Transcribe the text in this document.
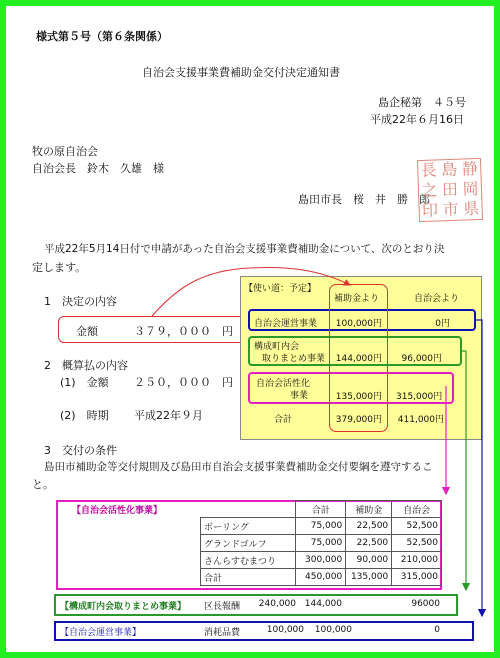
様式第５号（第６条関係）
自治会支援事業費補助金交付決定通知書
島企秘第　４５号
平成22年６月16日
牧の原自治会
自治会長　鈴木　久雄　様
島田市長　桜　井　勝　郎
長 島 静
之 田 岡
印 市 県
平成22年5月14日付で申請があった自治会支援事業費補助金について、次のとおり決
定します。
1　決定の内容
金額	３７９，０００　円
2　概算払の内容
(1)　金額 ２５０，０００　円
(2)　時期 平成22年９月
3　交付の条件
島田市補助金等交付規則及び島田市自治会支援事業費補助金交付要綱を遵守するこ
と。
【使い道：予定】
補助金より	自治会より
自治会運営事業	100,000円	0円
構成町内会
取りまとめ事業	144,000円	96,000円
自治会活性化
事業	135,000円 315,000円
合計	379,000円 411,000円
【自治会活性化事業】
		合計	補助金	自治会
ボーリング	75,000	22,500	52,500
グランドゴルフ	75,000	22,500	52,500
さんらすむまつり	300,000	90,000	210,000
合計	450,000	135,000	315,000
【構成町内会取りまとめ事業】 区長報酬	240,000 144,000	96000
【自治会運営事業】	消耗品費	100,000	100,000	0
